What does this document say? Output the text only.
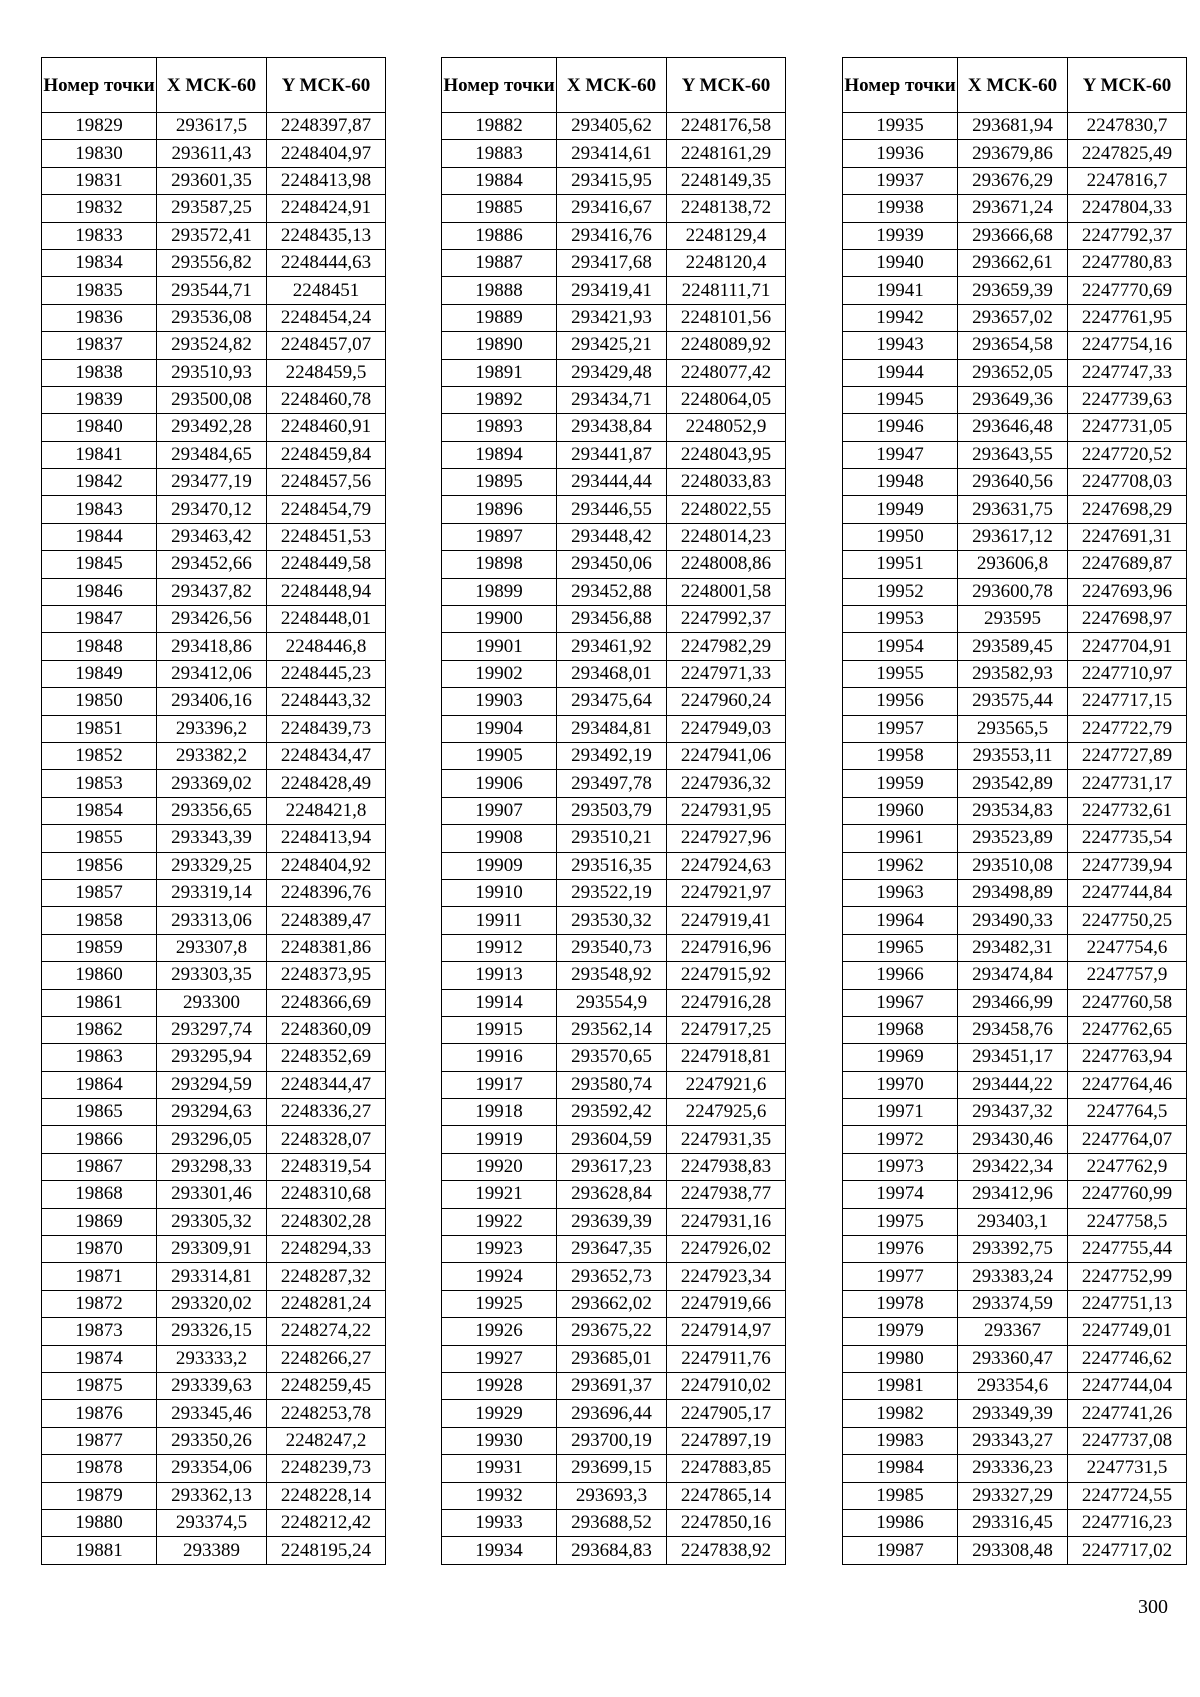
Номер точки	X МСК-60	Y МСК-60
19829	293617,5	2248397,87
19830	293611,43	2248404,97
19831	293601,35	2248413,98
19832	293587,25	2248424,91
19833	293572,41	2248435,13
19834	293556,82	2248444,63
19835	293544,71	2248451
19836	293536,08	2248454,24
19837	293524,82	2248457,07
19838	293510,93	2248459,5
19839	293500,08	2248460,78
19840	293492,28	2248460,91
19841	293484,65	2248459,84
19842	293477,19	2248457,56
19843	293470,12	2248454,79
19844	293463,42	2248451,53
19845	293452,66	2248449,58
19846	293437,82	2248448,94
19847	293426,56	2248448,01
19848	293418,86	2248446,8
19849	293412,06	2248445,23
19850	293406,16	2248443,32
19851	293396,2	2248439,73
19852	293382,2	2248434,47
19853	293369,02	2248428,49
19854	293356,65	2248421,8
19855	293343,39	2248413,94
19856	293329,25	2248404,92
19857	293319,14	2248396,76
19858	293313,06	2248389,47
19859	293307,8	2248381,86
19860	293303,35	2248373,95
19861	293300	2248366,69
19862	293297,74	2248360,09
19863	293295,94	2248352,69
19864	293294,59	2248344,47
19865	293294,63	2248336,27
19866	293296,05	2248328,07
19867	293298,33	2248319,54
19868	293301,46	2248310,68
19869	293305,32	2248302,28
19870	293309,91	2248294,33
19871	293314,81	2248287,32
19872	293320,02	2248281,24
19873	293326,15	2248274,22
19874	293333,2	2248266,27
19875	293339,63	2248259,45
19876	293345,46	2248253,78
19877	293350,26	2248247,2
19878	293354,06	2248239,73
19879	293362,13	2248228,14
19880	293374,5	2248212,42
19881	293389	2248195,24
Номер точки	X МСК-60	Y МСК-60
19882	293405,62	2248176,58
19883	293414,61	2248161,29
19884	293415,95	2248149,35
19885	293416,67	2248138,72
19886	293416,76	2248129,4
19887	293417,68	2248120,4
19888	293419,41	2248111,71
19889	293421,93	2248101,56
19890	293425,21	2248089,92
19891	293429,48	2248077,42
19892	293434,71	2248064,05
19893	293438,84	2248052,9
19894	293441,87	2248043,95
19895	293444,44	2248033,83
19896	293446,55	2248022,55
19897	293448,42	2248014,23
19898	293450,06	2248008,86
19899	293452,88	2248001,58
19900	293456,88	2247992,37
19901	293461,92	2247982,29
19902	293468,01	2247971,33
19903	293475,64	2247960,24
19904	293484,81	2247949,03
19905	293492,19	2247941,06
19906	293497,78	2247936,32
19907	293503,79	2247931,95
19908	293510,21	2247927,96
19909	293516,35	2247924,63
19910	293522,19	2247921,97
19911	293530,32	2247919,41
19912	293540,73	2247916,96
19913	293548,92	2247915,92
19914	293554,9	2247916,28
19915	293562,14	2247917,25
19916	293570,65	2247918,81
19917	293580,74	2247921,6
19918	293592,42	2247925,6
19919	293604,59	2247931,35
19920	293617,23	2247938,83
19921	293628,84	2247938,77
19922	293639,39	2247931,16
19923	293647,35	2247926,02
19924	293652,73	2247923,34
19925	293662,02	2247919,66
19926	293675,22	2247914,97
19927	293685,01	2247911,76
19928	293691,37	2247910,02
19929	293696,44	2247905,17
19930	293700,19	2247897,19
19931	293699,15	2247883,85
19932	293693,3	2247865,14
19933	293688,52	2247850,16
19934	293684,83	2247838,92
Номер точки	X МСК-60	Y МСК-60
19935	293681,94	2247830,7
19936	293679,86	2247825,49
19937	293676,29	2247816,7
19938	293671,24	2247804,33
19939	293666,68	2247792,37
19940	293662,61	2247780,83
19941	293659,39	2247770,69
19942	293657,02	2247761,95
19943	293654,58	2247754,16
19944	293652,05	2247747,33
19945	293649,36	2247739,63
19946	293646,48	2247731,05
19947	293643,55	2247720,52
19948	293640,56	2247708,03
19949	293631,75	2247698,29
19950	293617,12	2247691,31
19951	293606,8	2247689,87
19952	293600,78	2247693,96
19953	293595	2247698,97
19954	293589,45	2247704,91
19955	293582,93	2247710,97
19956	293575,44	2247717,15
19957	293565,5	2247722,79
19958	293553,11	2247727,89
19959	293542,89	2247731,17
19960	293534,83	2247732,61
19961	293523,89	2247735,54
19962	293510,08	2247739,94
19963	293498,89	2247744,84
19964	293490,33	2247750,25
19965	293482,31	2247754,6
19966	293474,84	2247757,9
19967	293466,99	2247760,58
19968	293458,76	2247762,65
19969	293451,17	2247763,94
19970	293444,22	2247764,46
19971	293437,32	2247764,5
19972	293430,46	2247764,07
19973	293422,34	2247762,9
19974	293412,96	2247760,99
19975	293403,1	2247758,5
19976	293392,75	2247755,44
19977	293383,24	2247752,99
19978	293374,59	2247751,13
19979	293367	2247749,01
19980	293360,47	2247746,62
19981	293354,6	2247744,04
19982	293349,39	2247741,26
19983	293343,27	2247737,08
19984	293336,23	2247731,5
19985	293327,29	2247724,55
19986	293316,45	2247716,23
19987	293308,48	2247717,02
300
